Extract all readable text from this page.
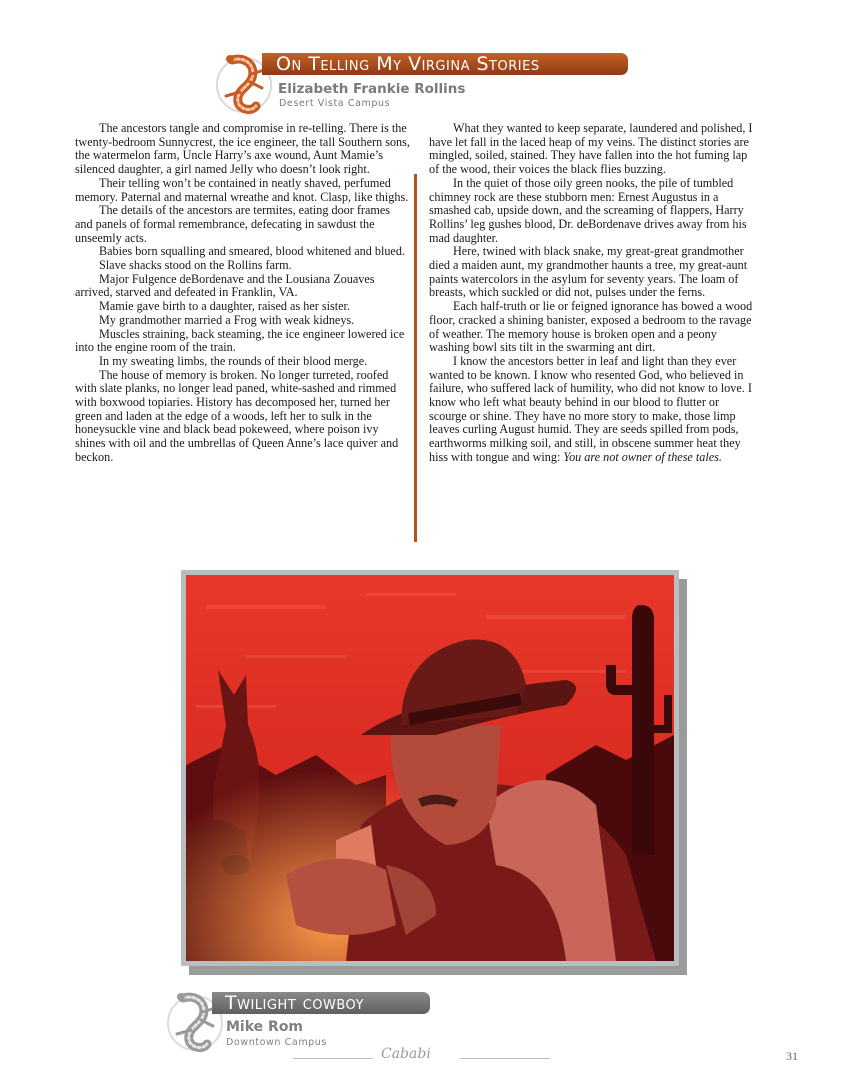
On Telling My Virgina Stories
Elizabeth Frankie Rollins
Desert Vista Campus

The ancestors tangle and compromise in re-telling. There is the twenty-bedroom Sunnycrest, the ice engineer, the tall Southern sons, the watermelon farm, Uncle Harry’s axe wound, Aunt Mamie’s silenced daughter, a girl named Jelly who doesn’t look right.

Their telling won’t be contained in neatly shaved, perfumed memory. Paternal and maternal wreathe and knot. Clasp, like thighs.

The details of the ancestors are termites, eating door frames and panels of formal remembrance, defecating in sawdust the unseemly acts.

Babies born squalling and smeared, blood whitened and blued.

Slave shacks stood on the Rollins farm.

Major Fulgence deBordenave and the Lousiana Zouaves arrived, starved and defeated in Franklin, VA.

Mamie gave birth to a daughter, raised as her sister.

My grandmother married a Frog with weak kidneys.

Muscles straining, back steaming, the ice engineer lowered ice into the engine room of the train.

In my sweating limbs, the rounds of their blood merge.

The house of memory is broken. No longer turreted, roofed with slate planks, no longer lead paned, white-sashed and rimmed with boxwood topiaries. History has decomposed her, turned her green and laden at the edge of a woods, left her to sulk in the honeysuckle vine and black bead pokeweed, where poison ivy shines with oil and the umbrellas of Queen Anne’s lace quiver and beckon.

What they wanted to keep separate, laundered and polished, I have let fall in the laced heap of my veins. The distinct stories are mingled, soiled, stained. They have fallen into the hot fuming lap of the wood, their voices the black flies buzzing.

In the quiet of those oily green nooks, the pile of tumbled chimney rock are these stubborn men: Ernest Augustus in a smashed cab, upside down, and the screaming of flappers, Harry Rollins’ leg gushes blood, Dr. deBordenave drives away from his mad daughter.

Here, twined with black snake, my great-great grandmother died a maiden aunt, my grandmother haunts a tree, my great-aunt paints watercolors in the asylum for seventy years. The loam of breasts, which suckled or did not, pulses under the ferns.

Each half-truth or lie or feigned ignorance has bowed a wood floor, cracked a shining banister, exposed a bedroom to the ravage of weather. The memory house is broken open and a peony washing bowl sits tilt in the swarming ant dirt.

I know the ancestors better in leaf and light than they ever wanted to be known. I know who resented God, who believed in failure, who suffered lack of humility, who did not know to love. I know who left what beauty behind in our blood to flutter or scourge or shine. They have no more story to make, those limp leaves curling August humid. They are seeds spilled from pods, earthworms milking soil, and still, in obscene summer heat they hiss with tongue and wing: You are not owner of these tales.

Twilight cowboy
Mike Rom
Downtown Campus
Cababi	31
